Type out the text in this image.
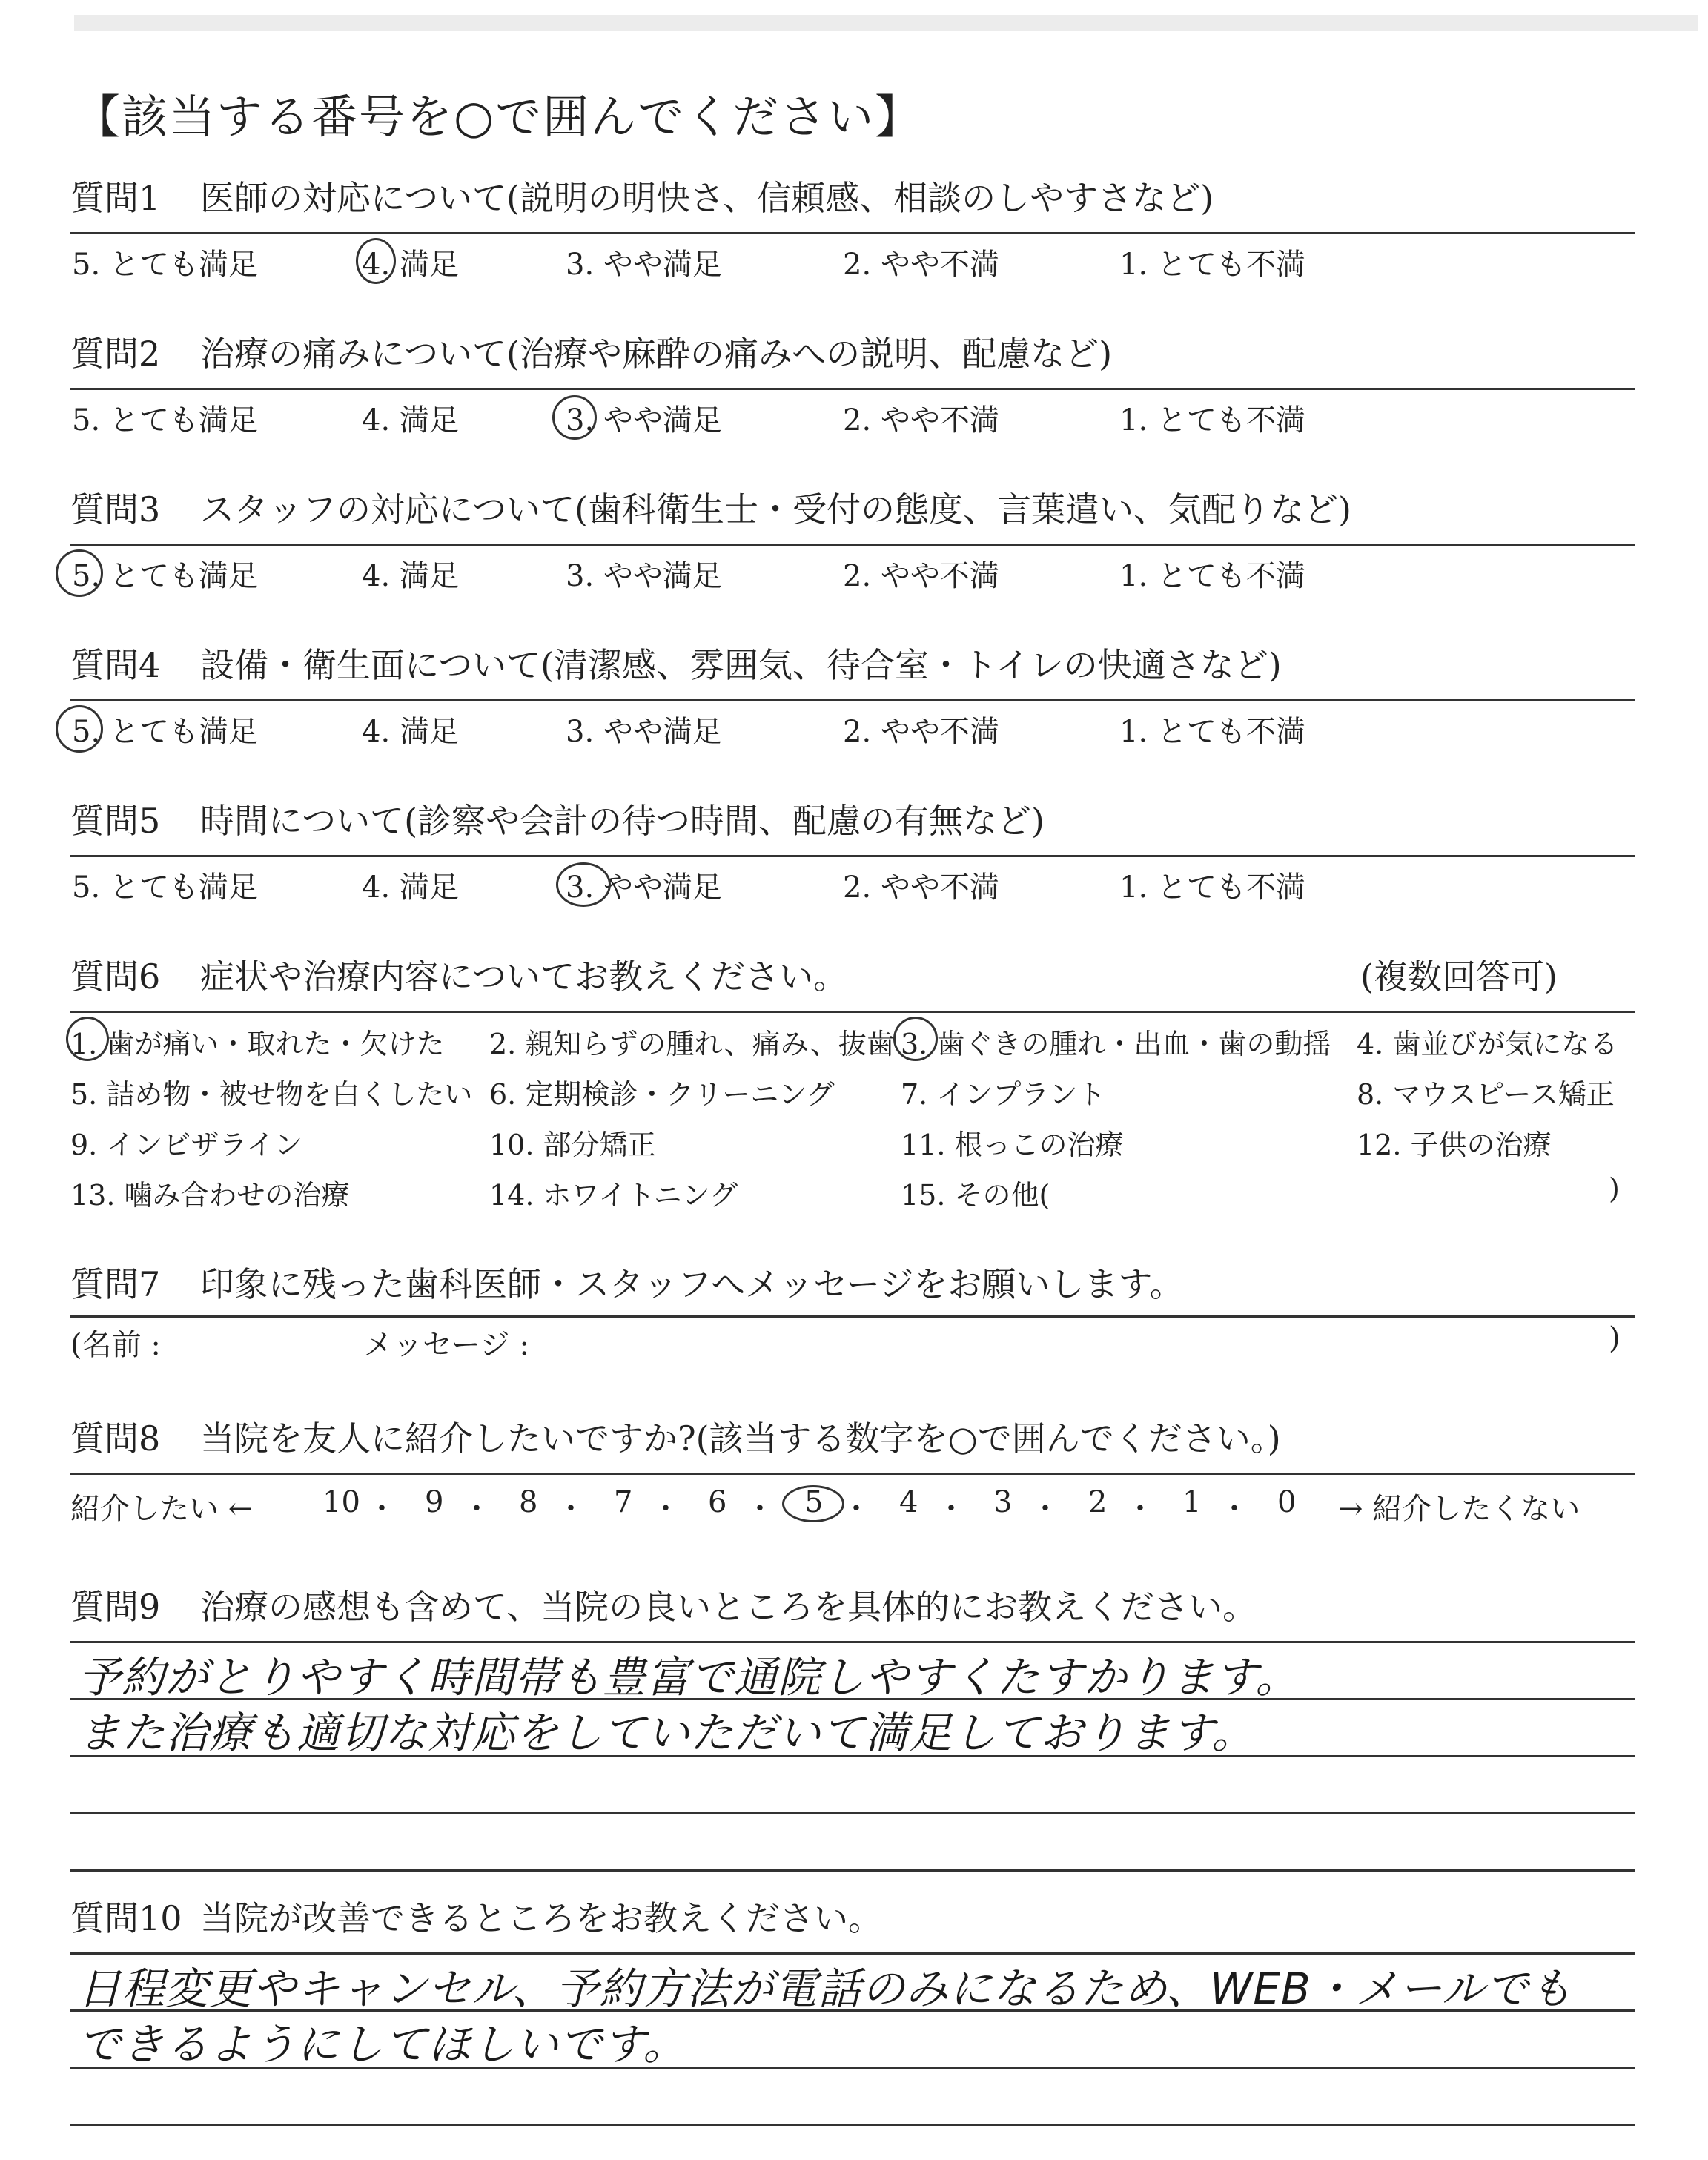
【該当する番号を○で囲んでください】
質問1 医師の対応について(説明の明快さ、信頼感、相談のしやすさなど)
5. とても満足	4. 満足	3. やや満足	2. やや不満	1. とても不満
質問2 治療の痛みについて(治療や麻酔の痛みへの説明、配慮など)
5. とても満足	4. 満足	3. やや満足	2. やや不満	1. とても不満
質問3 スタッフの対応について(歯科衛生士・受付の態度、言葉遣い、気配りなど)
5. とても満足	4. 満足	3. やや満足	2. やや不満	1. とても不満
質問4 設備・衛生面について(清潔感、雰囲気、待合室・トイレの快適さなど)
5. とても満足	4. 満足	3. やや満足	2. やや不満	1. とても不満
質問5 時間について(診察や会計の待つ時間、配慮の有無など)
5. とても満足	4. 満足	3. やや満足	2. やや不満	1. とても不満
質問6 症状や治療内容についてお教えください。	(複数回答可)
1. 歯が痛い・取れた・欠けた 2. 親知らずの腫れ、痛み、抜歯 3. 歯ぐきの腫れ・出血・歯の動揺 4. 歯並びが気になる
5. 詰め物・被せ物を白くしたい 6. 定期検診・クリーニング 7. インプラント	8. マウスピース矯正
9. インビザライン	10. 部分矯正	11. 根っこの治療	12. 子供の治療
13. 噛み合わせの治療	14. ホワイトニング	15. その他(	)
質問7 印象に残った歯科医師・スタッフへメッセージをお願いします。
(名前 :	メッセージ :	)
質問8 当院を友人に紹介したいですか?(該当する数字を○で囲んでください。)
紹介したい ← 10 ・ 9 ・ 8 ・ 7 ・ 6 ・ 5 ・ 4 ・ 3 ・ 2 ・ 1 ・ 0 → 紹介したくない
質問9 治療の感想も含めて、当院の良いところを具体的にお教えください。
予約がとりやすく時間帯も豊富で通院しやすくたすかります。
また治療も適切な対応をしていただいて満足しております。
質問10 当院が改善できるところをお教えください。
日程変更やキャンセル、予約方法が電話のみになるため、WEB・メールでも
できるようにしてほしいです。
